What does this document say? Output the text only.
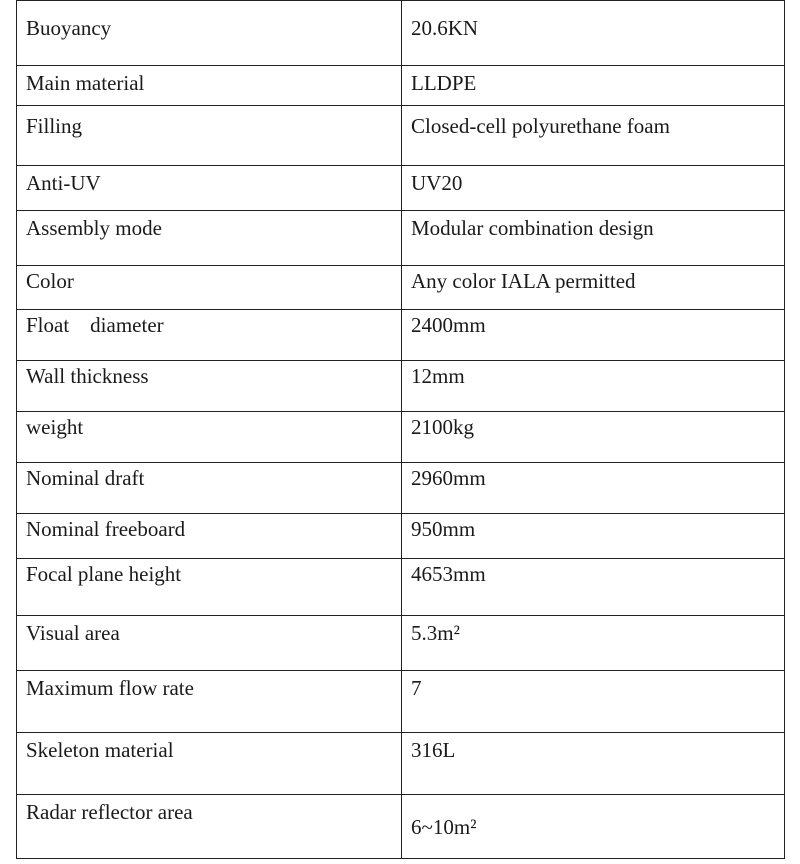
Buoyancy	20.6KN

Main material	LLDPE

Filling	Closed-cell polyurethane foam

Anti-UV	UV20

Assembly mode	Modular combination design

Color	Any color IALA permitted

Float    diameter	2400mm

Wall thickness	12mm

weight	2100kg

Nominal draft	2960mm

Nominal freeboard	950mm

Focal plane height	4653mm

Visual area	5.3m²

Maximum flow rate	7

Skeleton material	316L

Radar reflector area	6~10m²
